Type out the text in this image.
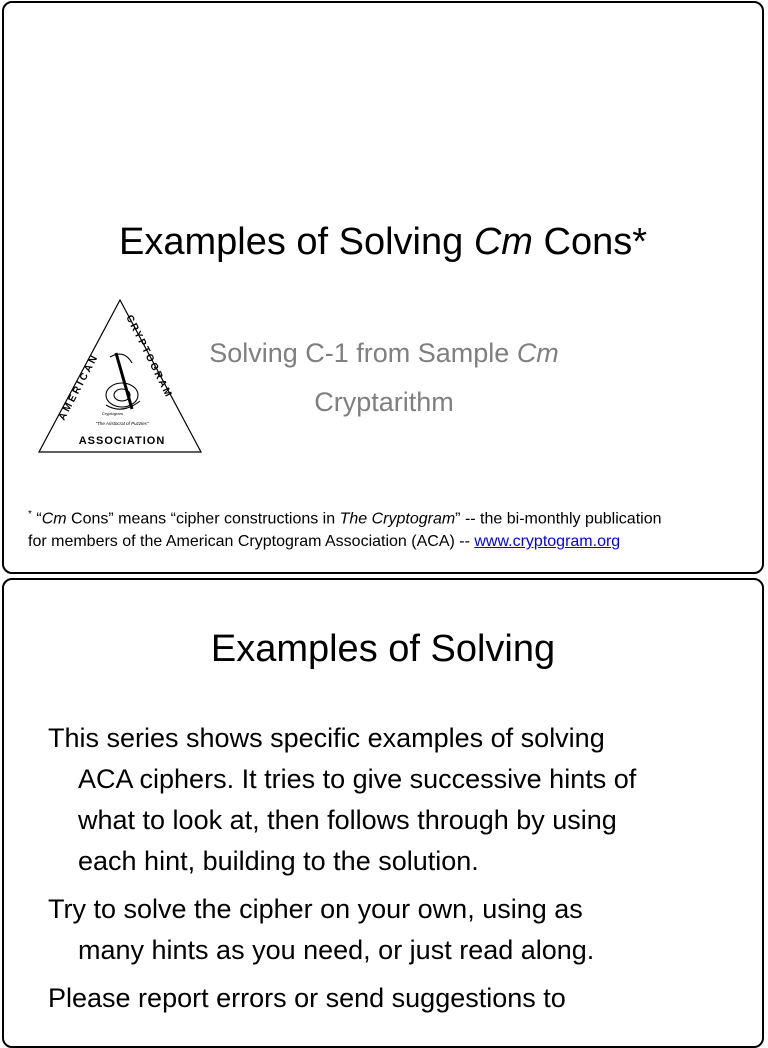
Examples of Solving Cm Cons*
AMERICAN
CRYPTOGRAM
Cryptogram
“The Aristocrat of Puzzles”
ASSOCIATION
Solving C-1 from Sample Cm
Cryptarithm
* “Cm Cons” means “cipher constructions in The Cryptogram” -- the bi-monthly publication
for members of the American Cryptogram Association (ACA) -- www.cryptogram.org
Examples of Solving
This series shows specific examples of solving
ACA ciphers. It tries to give successive hints of
what to look at, then follows through by using
each hint, building to the solution.
Try to solve the cipher on your own, using as
many hints as you need, or just read along.
Please report errors or send suggestions to
